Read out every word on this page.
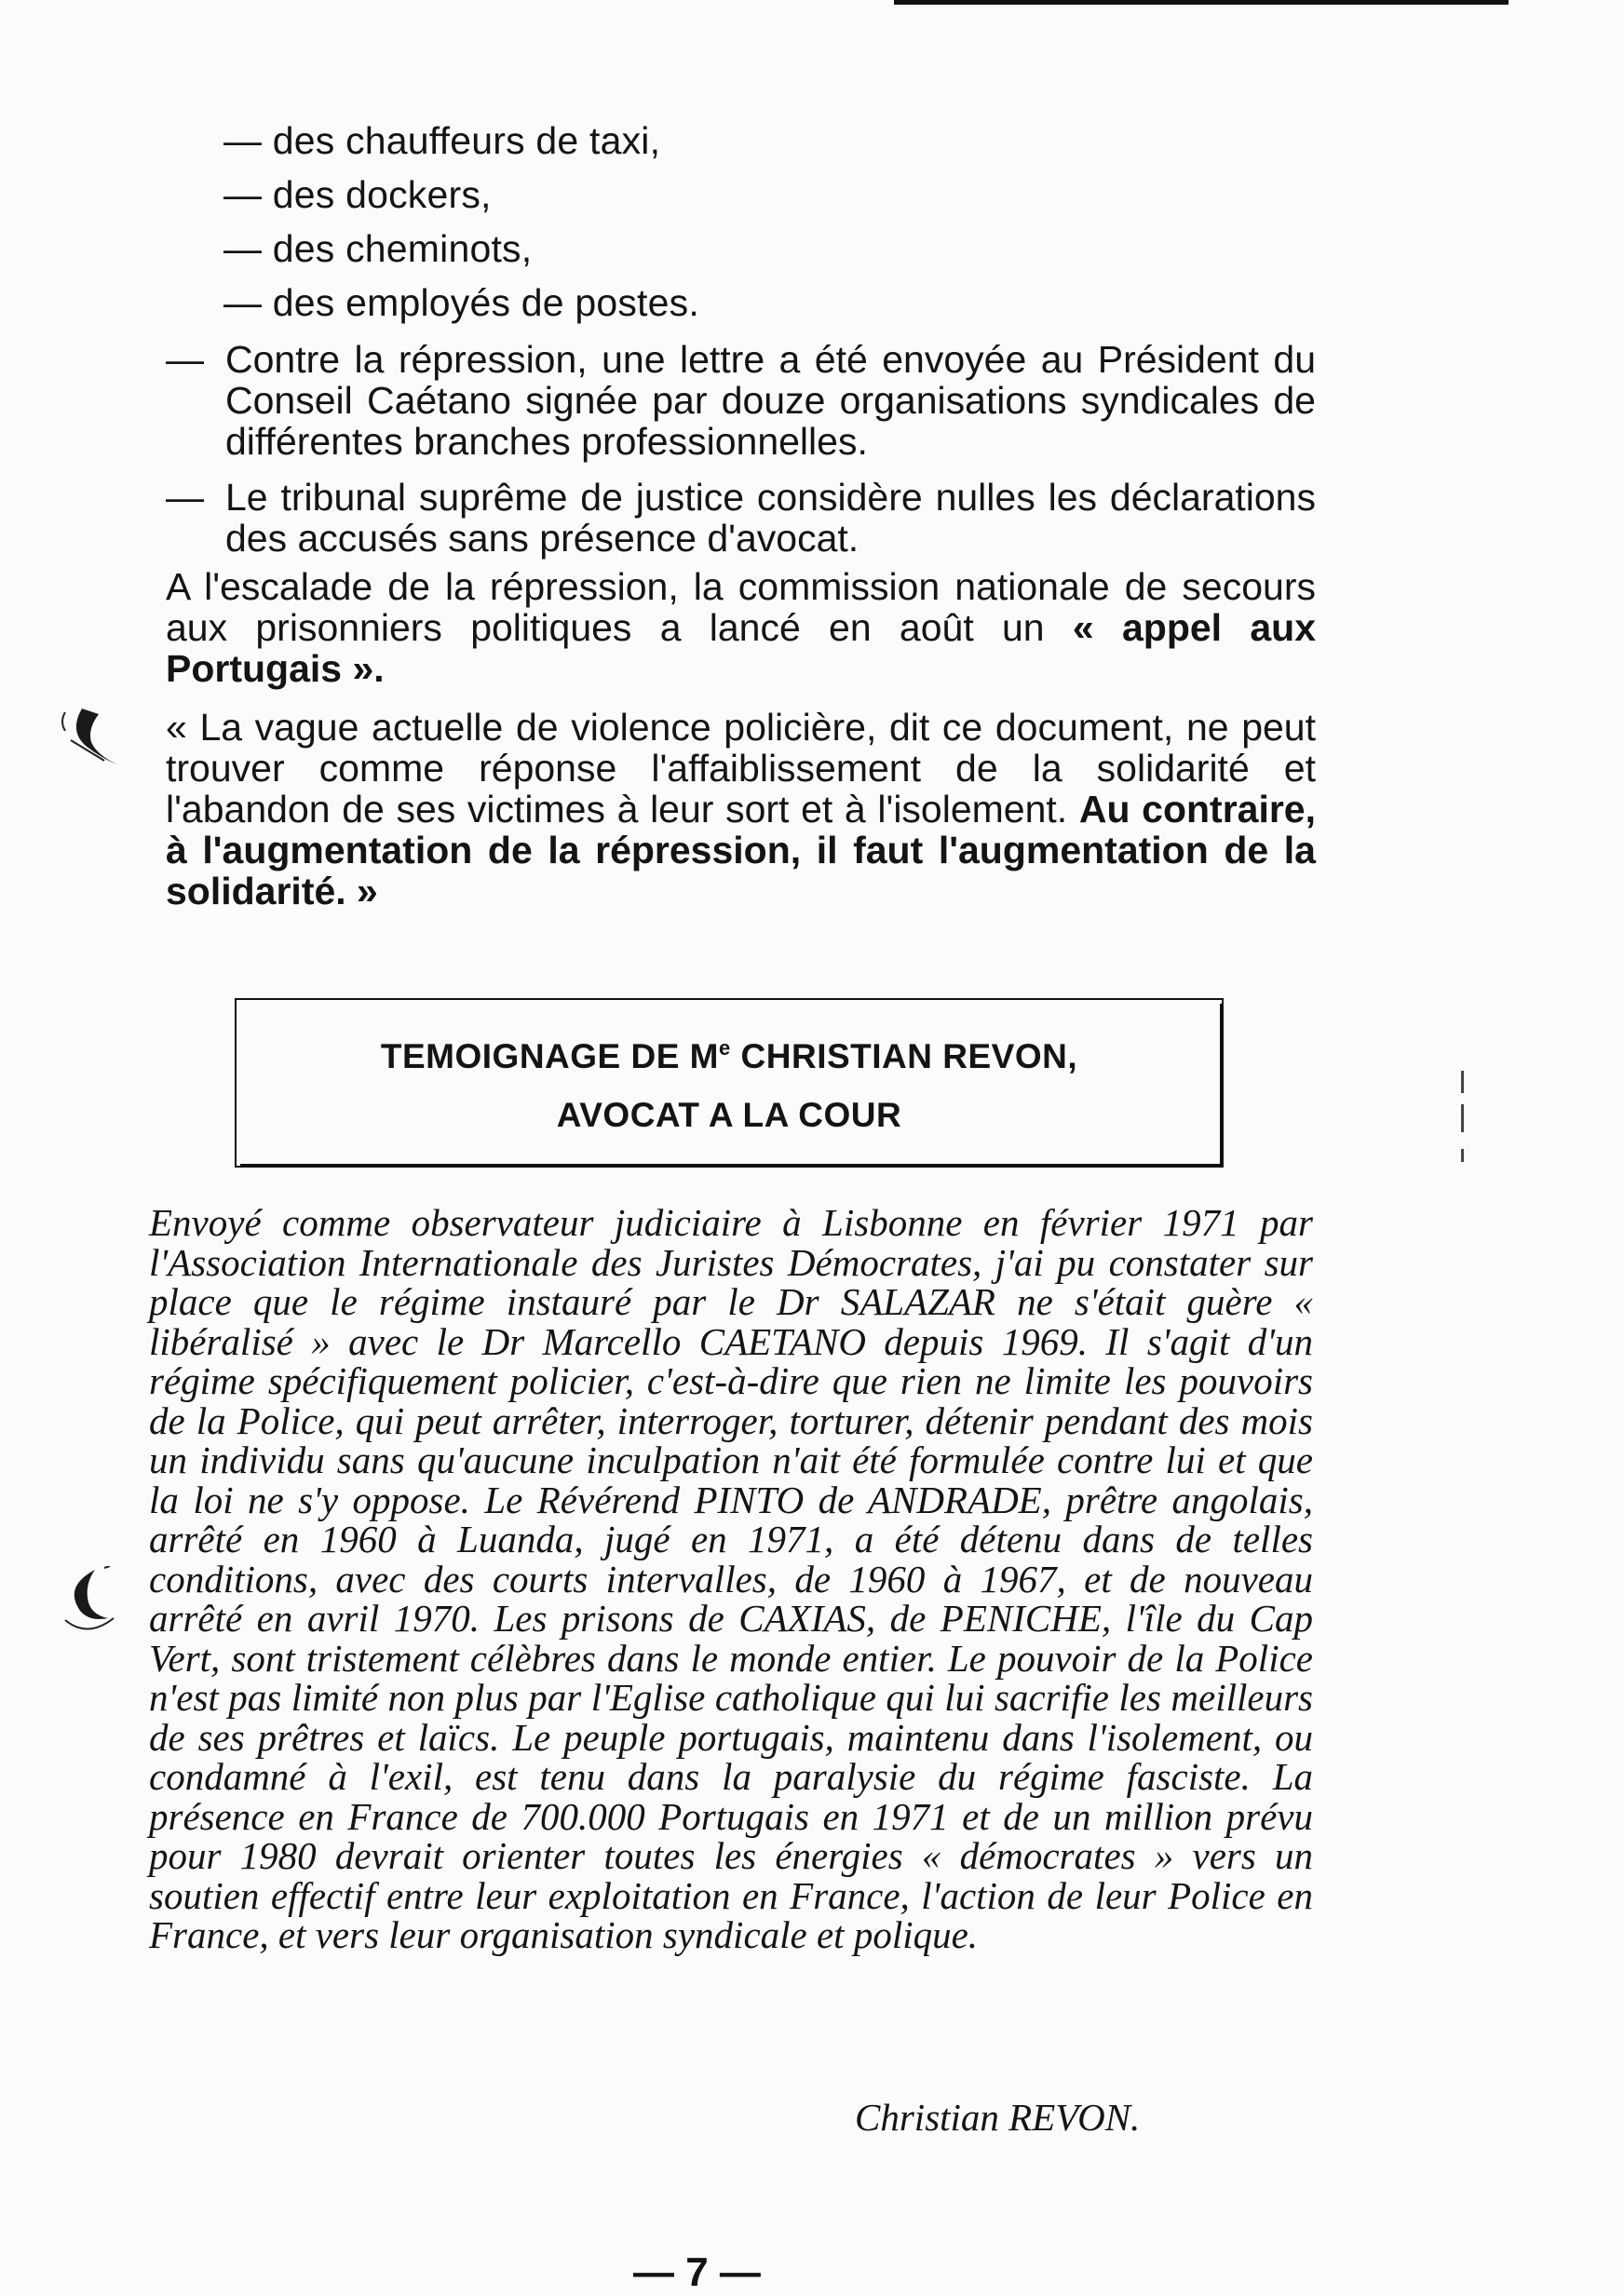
— des chauffeurs de taxi,
— des dockers,
— des cheminots,
— des employés de postes.
— Contre la répression, une lettre a été envoyée au Président du Conseil Caétano signée par douze organisations syndicales de différentes branches professionnelles.
— Le tribunal suprême de justice considère nulles les déclarations des accusés sans présence d'avocat.
A l'escalade de la répression, la commission nationale de secours aux prisonniers politiques a lancé en août un « appel aux Portugais ».
« La vague actuelle de violence policière, dit ce document, ne peut trouver comme réponse l'affaiblissement de la solidarité et l'abandon de ses victimes à leur sort et à l'isolement. Au contraire, à l'augmentation de la répression, il faut l'augmentation de la solidarité. »
TEMOIGNAGE DE Me CHRISTIAN REVON,
AVOCAT A LA COUR
Envoyé comme observateur judiciaire à Lisbonne en février 1971 par l'Association Internationale des Juristes Démocrates, j'ai pu constater sur place que le régime instauré par le Dr SALAZAR ne s'était guère « libéralisé » avec le Dr Marcello CAETANO depuis 1969. Il s'agit d'un régime spécifiquement policier, c'est-à-dire que rien ne limite les pouvoirs de la Police, qui peut arrêter, interroger, torturer, détenir pendant des mois un individu sans qu'aucune inculpation n'ait été formulée contre lui et que la loi ne s'y oppose. Le Révérend PINTO de ANDRADE, prêtre angolais, arrêté en 1960 à Luanda, jugé en 1971, a été détenu dans de telles conditions, avec des courts intervalles, de 1960 à 1967, et de nouveau arrêté en avril 1970. Les prisons de CAXIAS, de PENICHE, l'île du Cap Vert, sont tristement célèbres dans le monde entier. Le pouvoir de la Police n'est pas limité non plus par l'Eglise catholique qui lui sacrifie les meilleurs de ses prêtres et laïcs. Le peuple portugais, maintenu dans l'isolement, ou condamné à l'exil, est tenu dans la paralysie du régime fasciste. La présence en France de 700.000 Portugais en 1971 et de un million prévu pour 1980 devrait orienter toutes les énergies « démocrates » vers un soutien effectif entre leur exploitation en France, l'action de leur Police en France, et vers leur organisation syndicale et polique.
Christian REVON.
— 7 —
